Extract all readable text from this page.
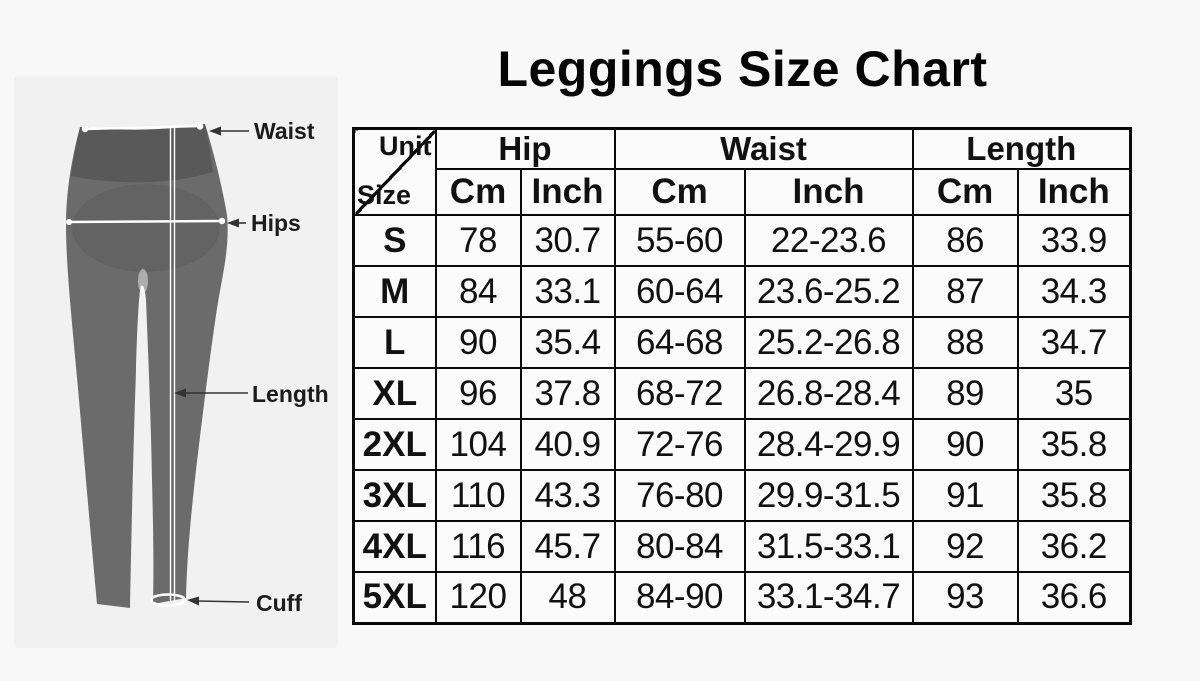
Leggings Size Chart
Waist
Hips
Length
Cuff
Unit
Size	Hip		Waist		Length	
	Cm	Inch	Cm	Inch	Cm	Inch
S	78	30.7	55-60	22-23.6	86	33.9
M	84	33.1	60-64	23.6-25.2	87	34.3
L	90	35.4	64-68	25.2-26.8	88	34.7
XL	96	37.8	68-72	26.8-28.4	89	35
2XL	104	40.9	72-76	28.4-29.9	90	35.8
3XL	110	43.3	76-80	29.9-31.5	91	35.8
4XL	116	45.7	80-84	31.5-33.1	92	36.2
5XL	120	48	84-90	33.1-34.7	93	36.6
